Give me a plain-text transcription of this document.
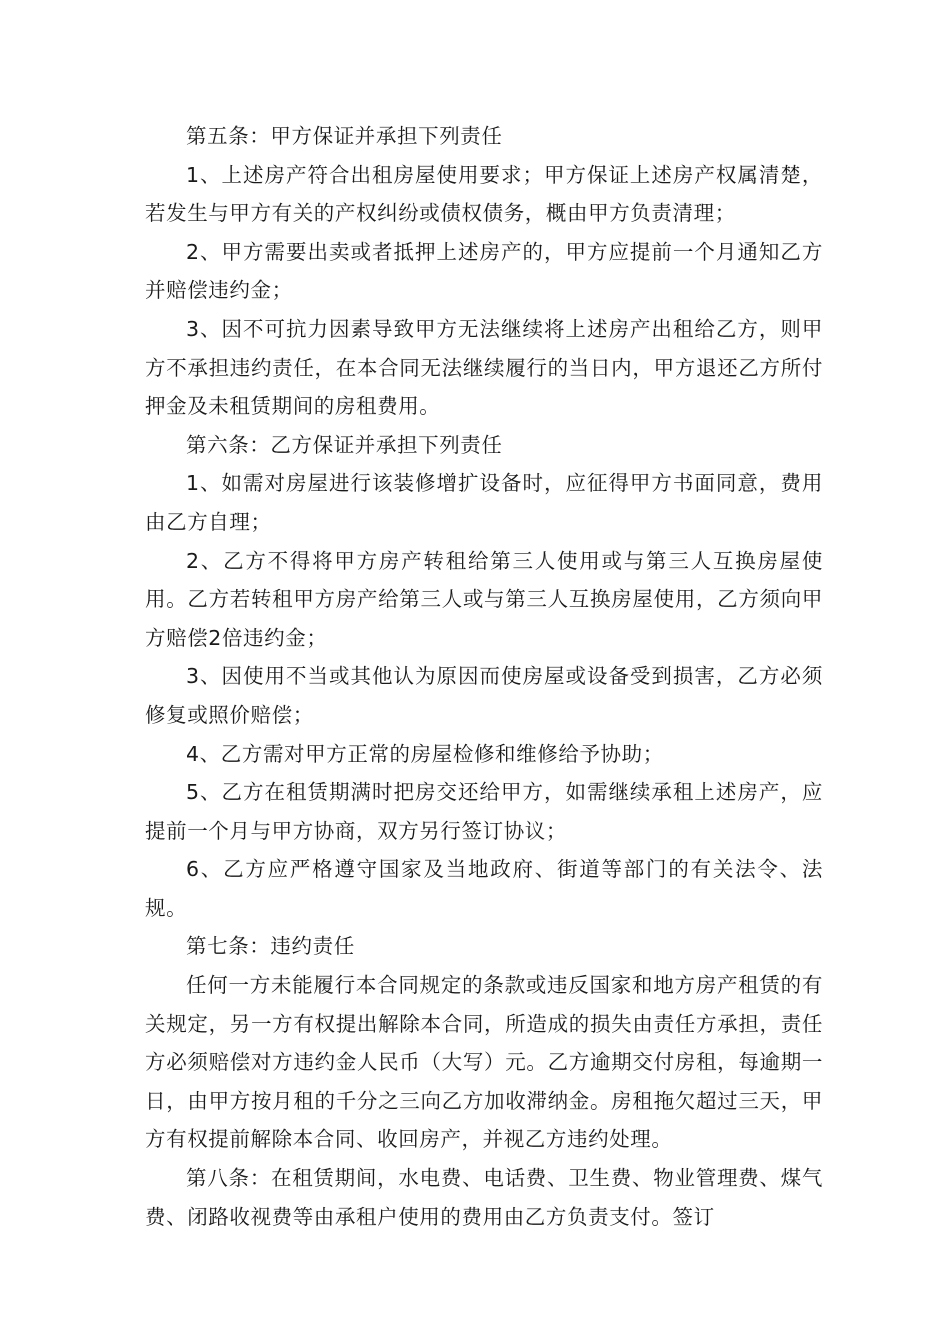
第五条：甲方保证并承担下列责任

1、上述房产符合出租房屋使用要求；甲方保证上述房产权属清楚，若发生与甲方有关的产权纠纷或债权债务，概由甲方负责清理；

2、甲方需要出卖或者抵押上述房产的，甲方应提前一个月通知乙方并赔偿违约金；

3、因不可抗力因素导致甲方无法继续将上述房产出租给乙方，则甲方不承担违约责任，在本合同无法继续履行的当日内，甲方退还乙方所付押金及未租赁期间的房租费用。

第六条：乙方保证并承担下列责任

1、如需对房屋进行该装修增扩设备时，应征得甲方书面同意，费用由乙方自理；

2、乙方不得将甲方房产转租给第三人使用或与第三人互换房屋使用。乙方若转租甲方房产给第三人或与第三人互换房屋使用，乙方须向甲方赔偿2倍违约金；

3、因使用不当或其他认为原因而使房屋或设备受到损害，乙方必须修复或照价赔偿；

4、乙方需对甲方正常的房屋检修和维修给予协助；

5、乙方在租赁期满时把房交还给甲方，如需继续承租上述房产，应提前一个月与甲方协商，双方另行签订协议；

6、乙方应严格遵守国家及当地政府、街道等部门的有关法令、法规。

第七条：违约责任

任何一方未能履行本合同规定的条款或违反国家和地方房产租赁的有关规定，另一方有权提出解除本合同，所造成的损失由责任方承担，责任方必须赔偿对方违约金人民币（大写）元。乙方逾期交付房租，每逾期一日，由甲方按月租的千分之三向乙方加收滞纳金。房租拖欠超过三天，甲方有权提前解除本合同、收回房产，并视乙方违约处理。

第八条：在租赁期间，水电费、电话费、卫生费、物业管理费、煤气费、闭路收视费等由承租户使用的费用由乙方负责支付。签订
